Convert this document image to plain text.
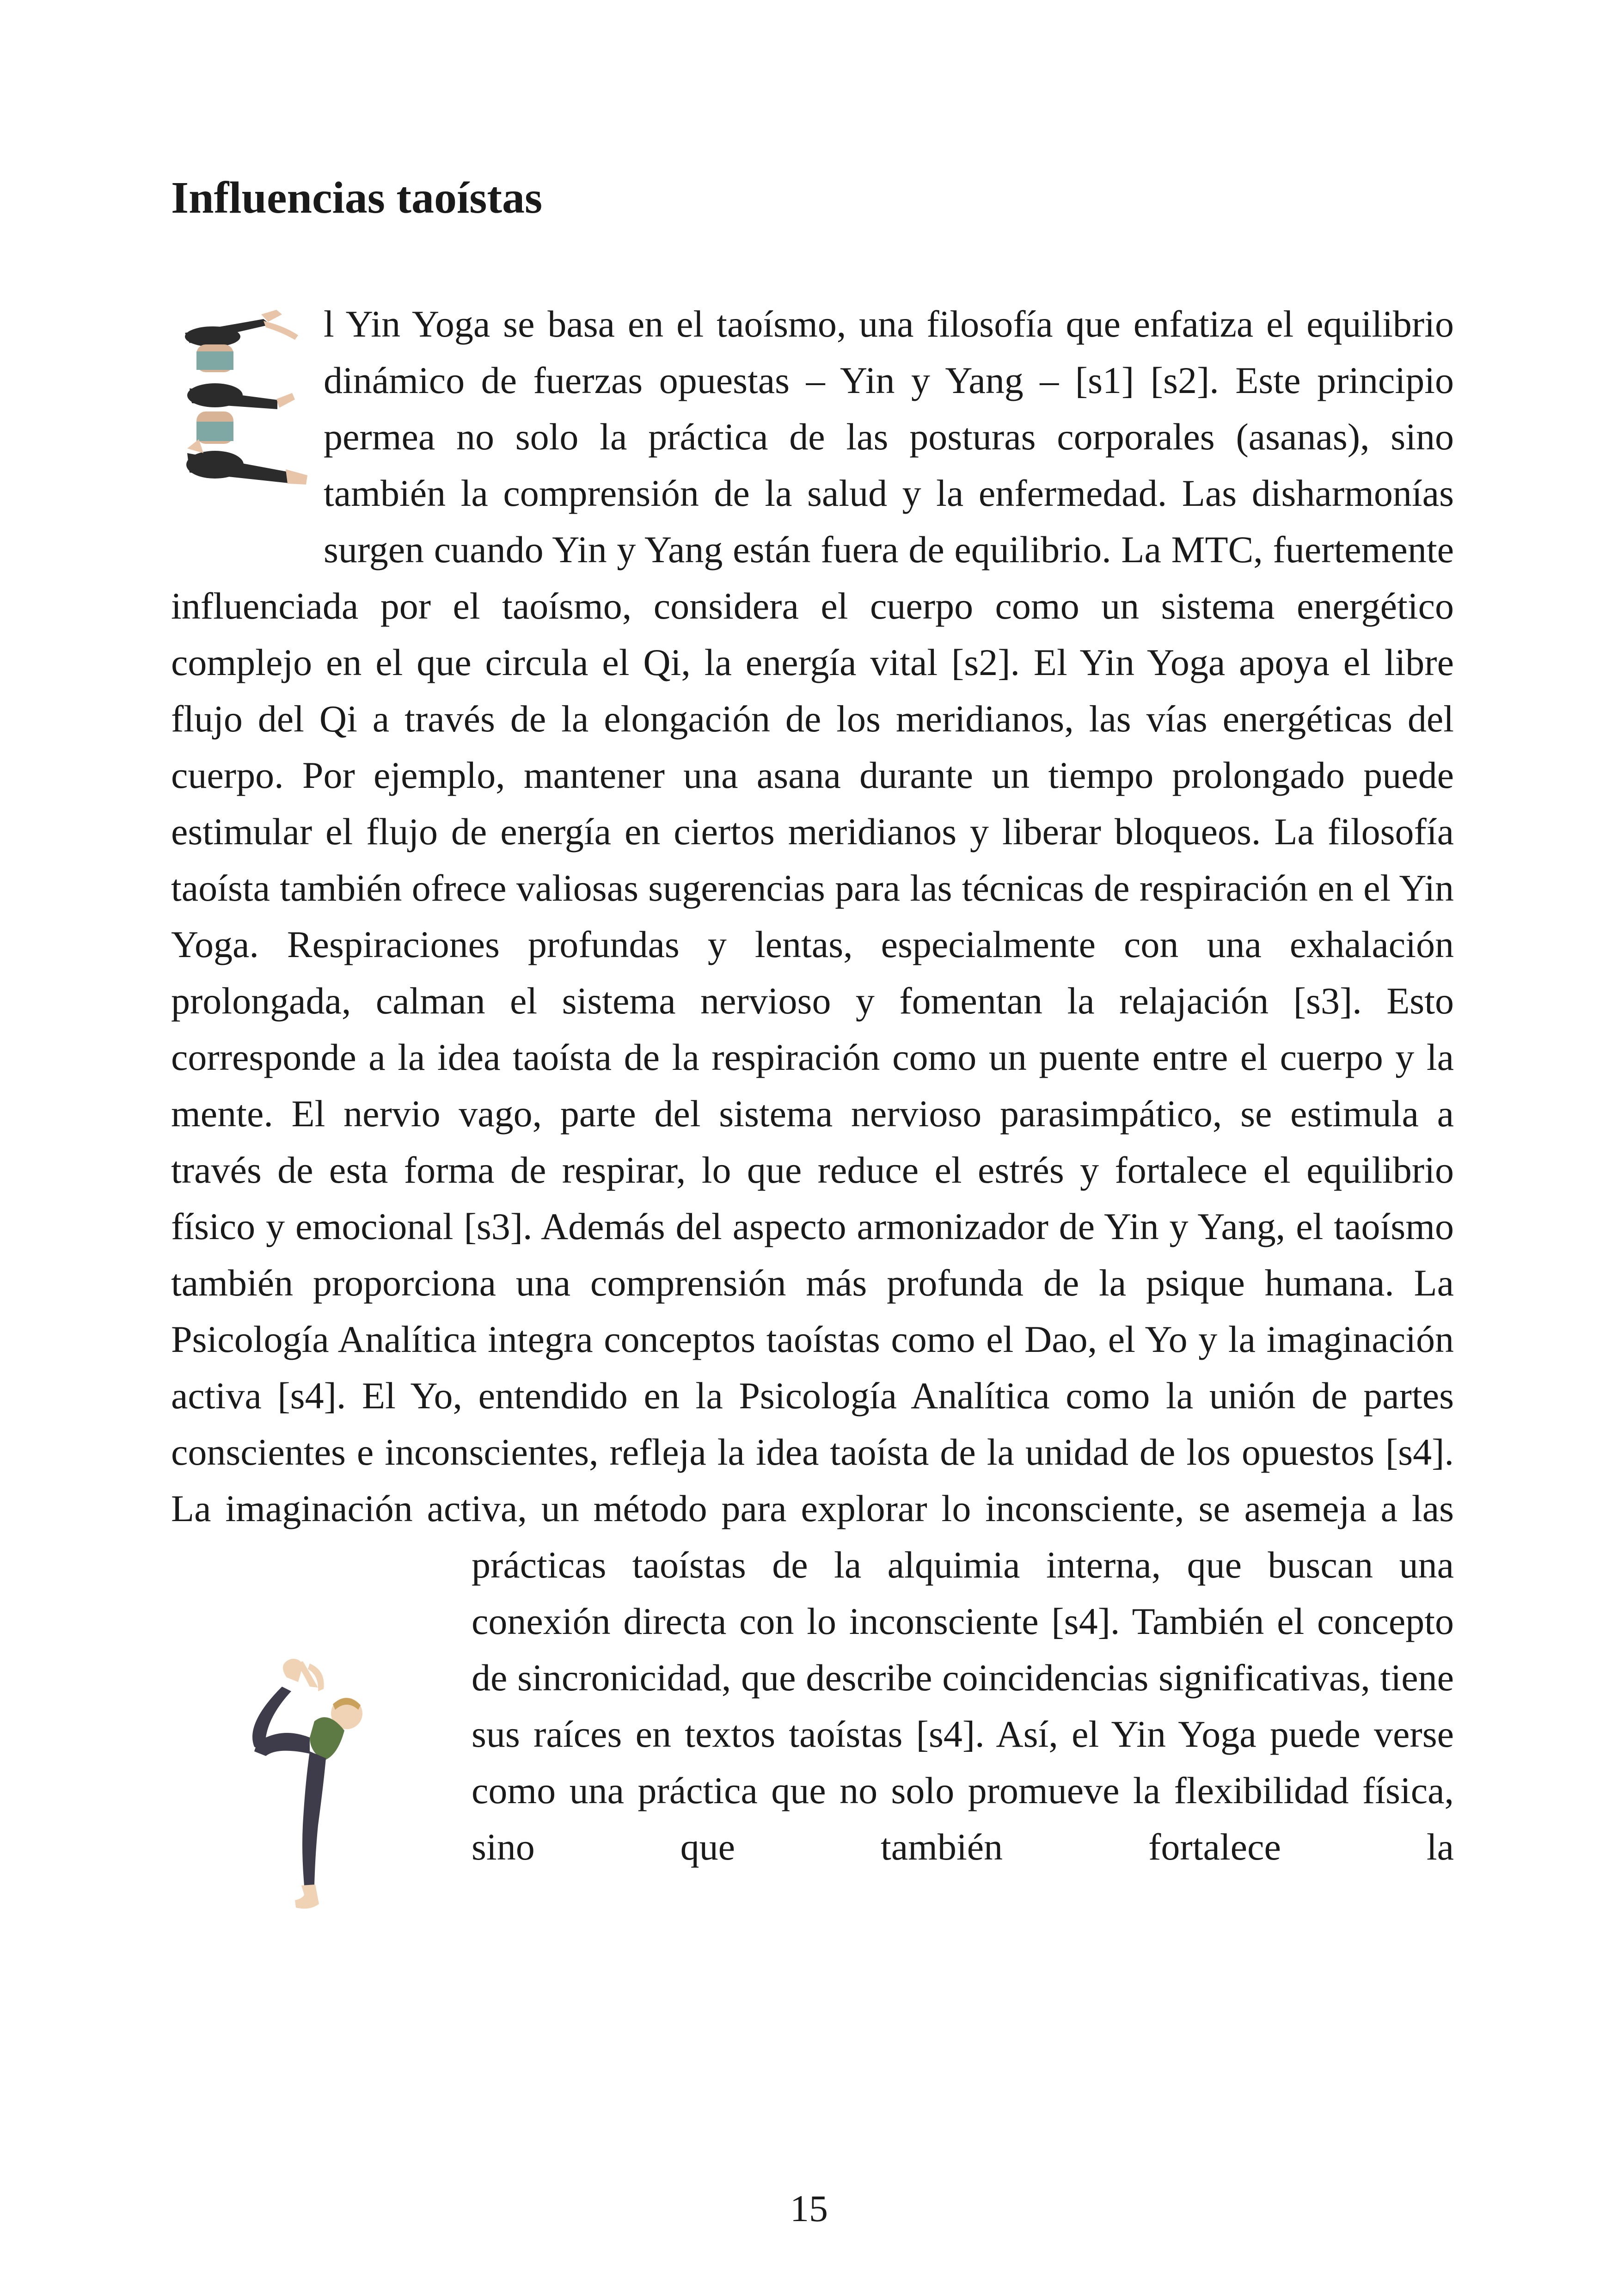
Influencias taoístas
l Yin Yoga se basa en el taoísmo, una filosofía que enfatiza el equilibrio dinámico de fuerzas opuestas – Yin y Yang – [s1] [s2]. Este principio permea no solo la práctica de las posturas corporales (asanas), sino también la comprensión de la salud y la enfermedad. Las disharmonías surgen cuando Yin y Yang están fuera de equilibrio. La MTC, fuertemente influenciada por el taoísmo, considera el cuerpo como un sistema energético complejo en el que circula el Qi, la energía vital [s2]. El Yin Yoga apoya el libre flujo del Qi a través de la elongación de los meridianos, las vías energéticas del cuerpo. Por ejemplo, mantener una asana durante un tiempo prolongado puede estimular el flujo de energía en ciertos meridianos y liberar bloqueos. La filosofía taoísta también ofrece valiosas sugerencias para las técnicas de respiración en el Yin Yoga. Respiraciones profundas y lentas, especialmente con una exhalación prolongada, calman el sistema nervioso y fomentan la relajación [s3]. Esto corresponde a la idea taoísta de la respiración como un puente entre el cuerpo y la mente. El nervio vago, parte del sistema nervioso parasimpático, se estimula a través de esta forma de respirar, lo que reduce el estrés y fortalece el equilibrio físico y emocional [s3]. Además del aspecto armonizador de Yin y Yang, el taoísmo también proporciona una comprensión más profunda de la psique humana. La Psicología Analítica integra conceptos taoístas como el Dao, el Yo y la imaginación activa [s4]. El Yo, entendido en la Psicología Analítica como la unión de partes conscientes e inconscientes, refleja la idea taoísta de la unidad de los opuestos [s4]. La imaginación activa, un método para explorar lo inconsciente, se asemeja a las prácticas taoístas de la alquimia interna, que buscan una conexión directa con lo inconsciente [s4]. También el concepto de sincronicidad, que describe coincidencias significativas, tiene sus raíces en textos taoístas [s4]. Así, el Yin Yoga puede verse como una práctica que no solo promueve la flexibilidad física, sino que también fortalece la
15
